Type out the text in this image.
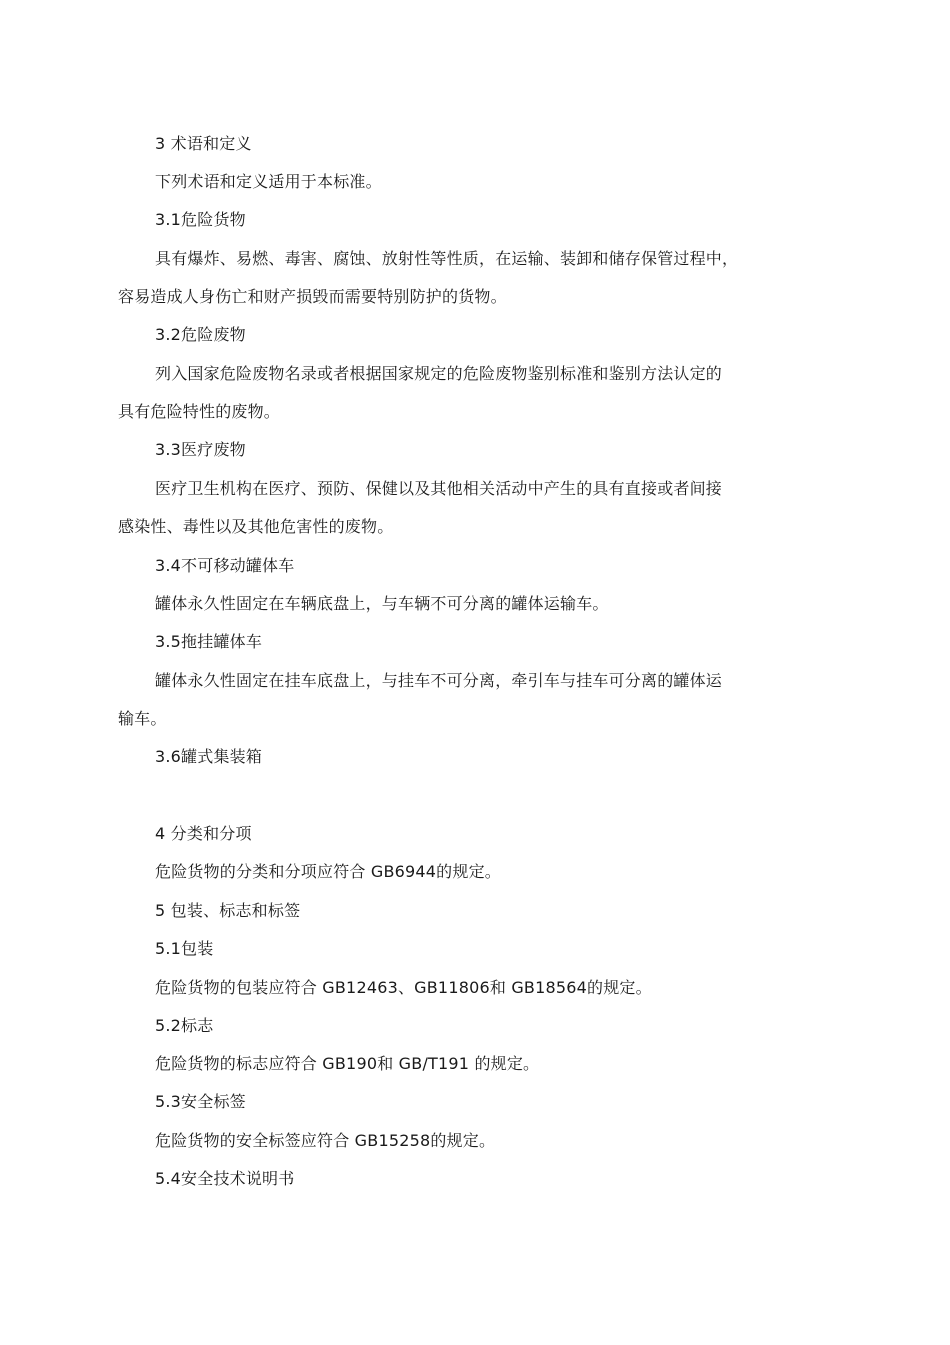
3 术语和定义
下列术语和定义适用于本标准。
3.1危险货物
具有爆炸、易燃、毒害、腐蚀、放射性等性质，在运输、装卸和储存保管过程中，
容易造成人身伤亡和财产损毁而需要特别防护的货物。
3.2危险废物
列入国家危险废物名录或者根据国家规定的危险废物鉴别标准和鉴别方法认定的
具有危险特性的废物。
3.3医疗废物
医疗卫生机构在医疗、预防、保健以及其他相关活动中产生的具有直接或者间接
感染性、毒性以及其他危害性的废物。
3.4不可移动罐体车
罐体永久性固定在车辆底盘上，与车辆不可分离的罐体运输车。
3.5拖挂罐体车
罐体永久性固定在挂车底盘上，与挂车不可分离，牵引车与挂车可分离的罐体运
输车。
3.6罐式集装箱
4 分类和分项
危险货物的分类和分项应符合 GB6944的规定。
5 包装、标志和标签
5.1包装
危险货物的包装应符合 GB12463、GB11806和 GB18564的规定。
5.2标志
危险货物的标志应符合 GB190和 GB/T191 的规定。
5.3安全标签
危险货物的安全标签应符合 GB15258的规定。
5.4安全技术说明书
